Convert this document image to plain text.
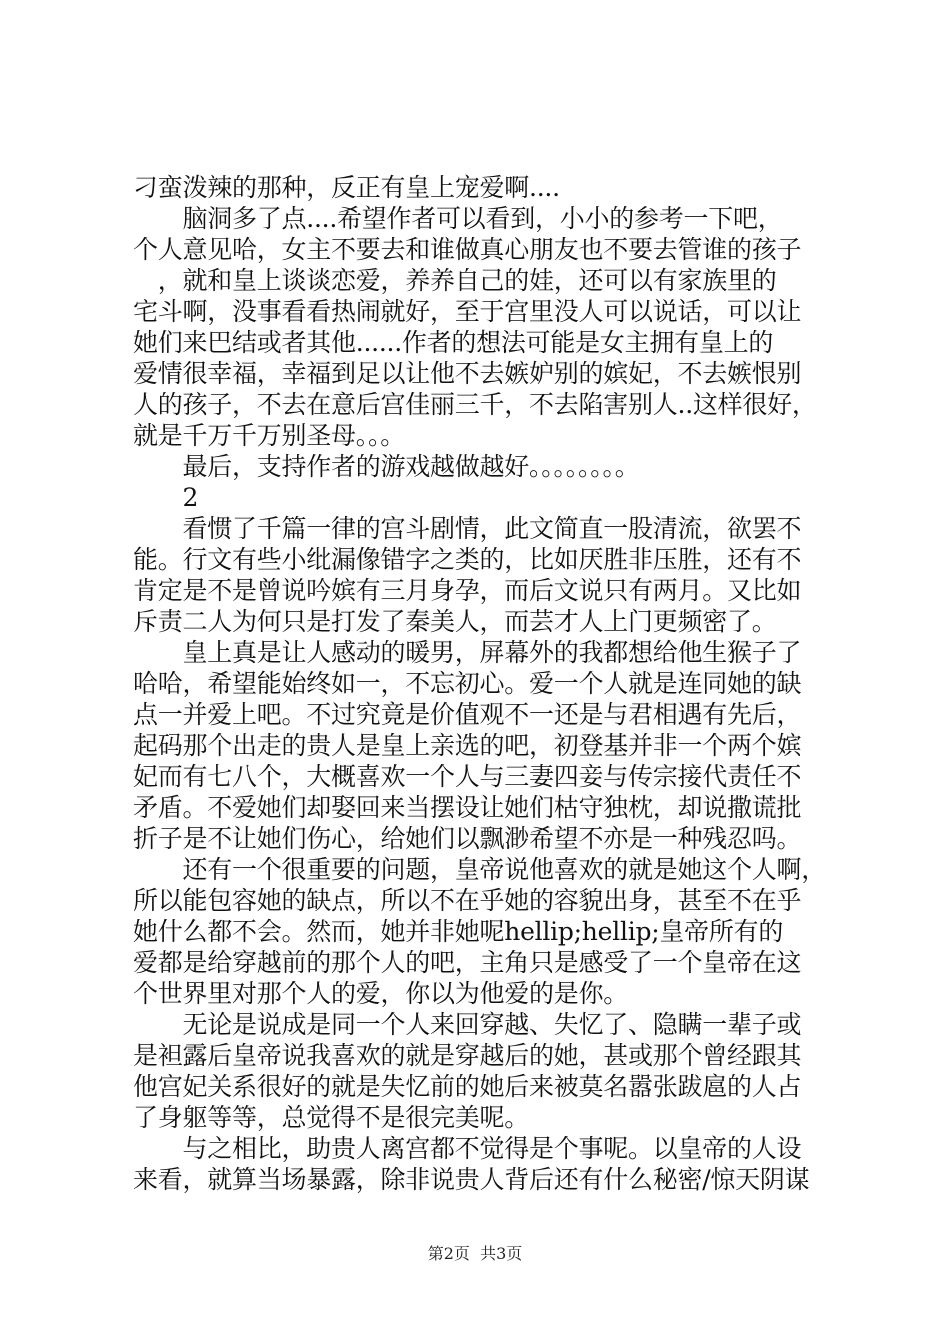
刁蛮泼辣的那种，反正有皇上宠爱啊....
　　脑洞多了点....希望作者可以看到，小小的参考一下吧，
个人意见哈，女主不要去和谁做真心朋友也不要去管谁的孩子
　，就和皇上谈谈恋爱，养养自己的娃，还可以有家族里的
宅斗啊，没事看看热闹就好，至于宫里没人可以说话，可以让
她们来巴结或者其他......作者的想法可能是女主拥有皇上的
爱情很幸福，幸福到足以让他不去嫉妒别的嫔妃，不去嫉恨别
人的孩子，不去在意后宫佳丽三千，不去陷害别人..这样很好，
就是千万千万别圣母。。。
　　最后，支持作者的游戏越做越好。。。。。。。。
　　2
　　看惯了千篇一律的宫斗剧情，此文简直一股清流，欲罢不
能。行文有些小纰漏像错字之类的，比如厌胜非压胜，还有不
肯定是不是曾说吟嫔有三月身孕，而后文说只有两月。又比如
斥责二人为何只是打发了秦美人，而芸才人上门更频密了。
　　皇上真是让人感动的暖男，屏幕外的我都想给他生猴子了
哈哈，希望能始终如一，不忘初心。爱一个人就是连同她的缺
点一并爱上吧。不过究竟是价值观不一还是与君相遇有先后，
起码那个出走的贵人是皇上亲选的吧，初登基并非一个两个嫔
妃而有七八个，大概喜欢一个人与三妻四妾与传宗接代责任不
矛盾。不爱她们却娶回来当摆设让她们枯守独枕，却说撒谎批
折子是不让她们伤心，给她们以飘渺希望不亦是一种残忍吗。
　　还有一个很重要的问题，皇帝说他喜欢的就是她这个人啊，
所以能包容她的缺点，所以不在乎她的容貌出身，甚至不在乎
她什么都不会。然而，她并非她呢hellip;hellip;皇帝所有的
爱都是给穿越前的那个人的吧，主角只是感受了一个皇帝在这
个世界里对那个人的爱，你以为他爱的是你。
　　无论是说成是同一个人来回穿越、失忆了、隐瞒一辈子或
是袒露后皇帝说我喜欢的就是穿越后的她，甚或那个曾经跟其
他宫妃关系很好的就是失忆前的她后来被莫名嚣张跋扈的人占
了身躯等等，总觉得不是很完美呢。
　　与之相比，助贵人离宫都不觉得是个事呢。以皇帝的人设
来看，就算当场暴露，除非说贵人背后还有什么秘密/惊天阴谋
第2页  共3页
